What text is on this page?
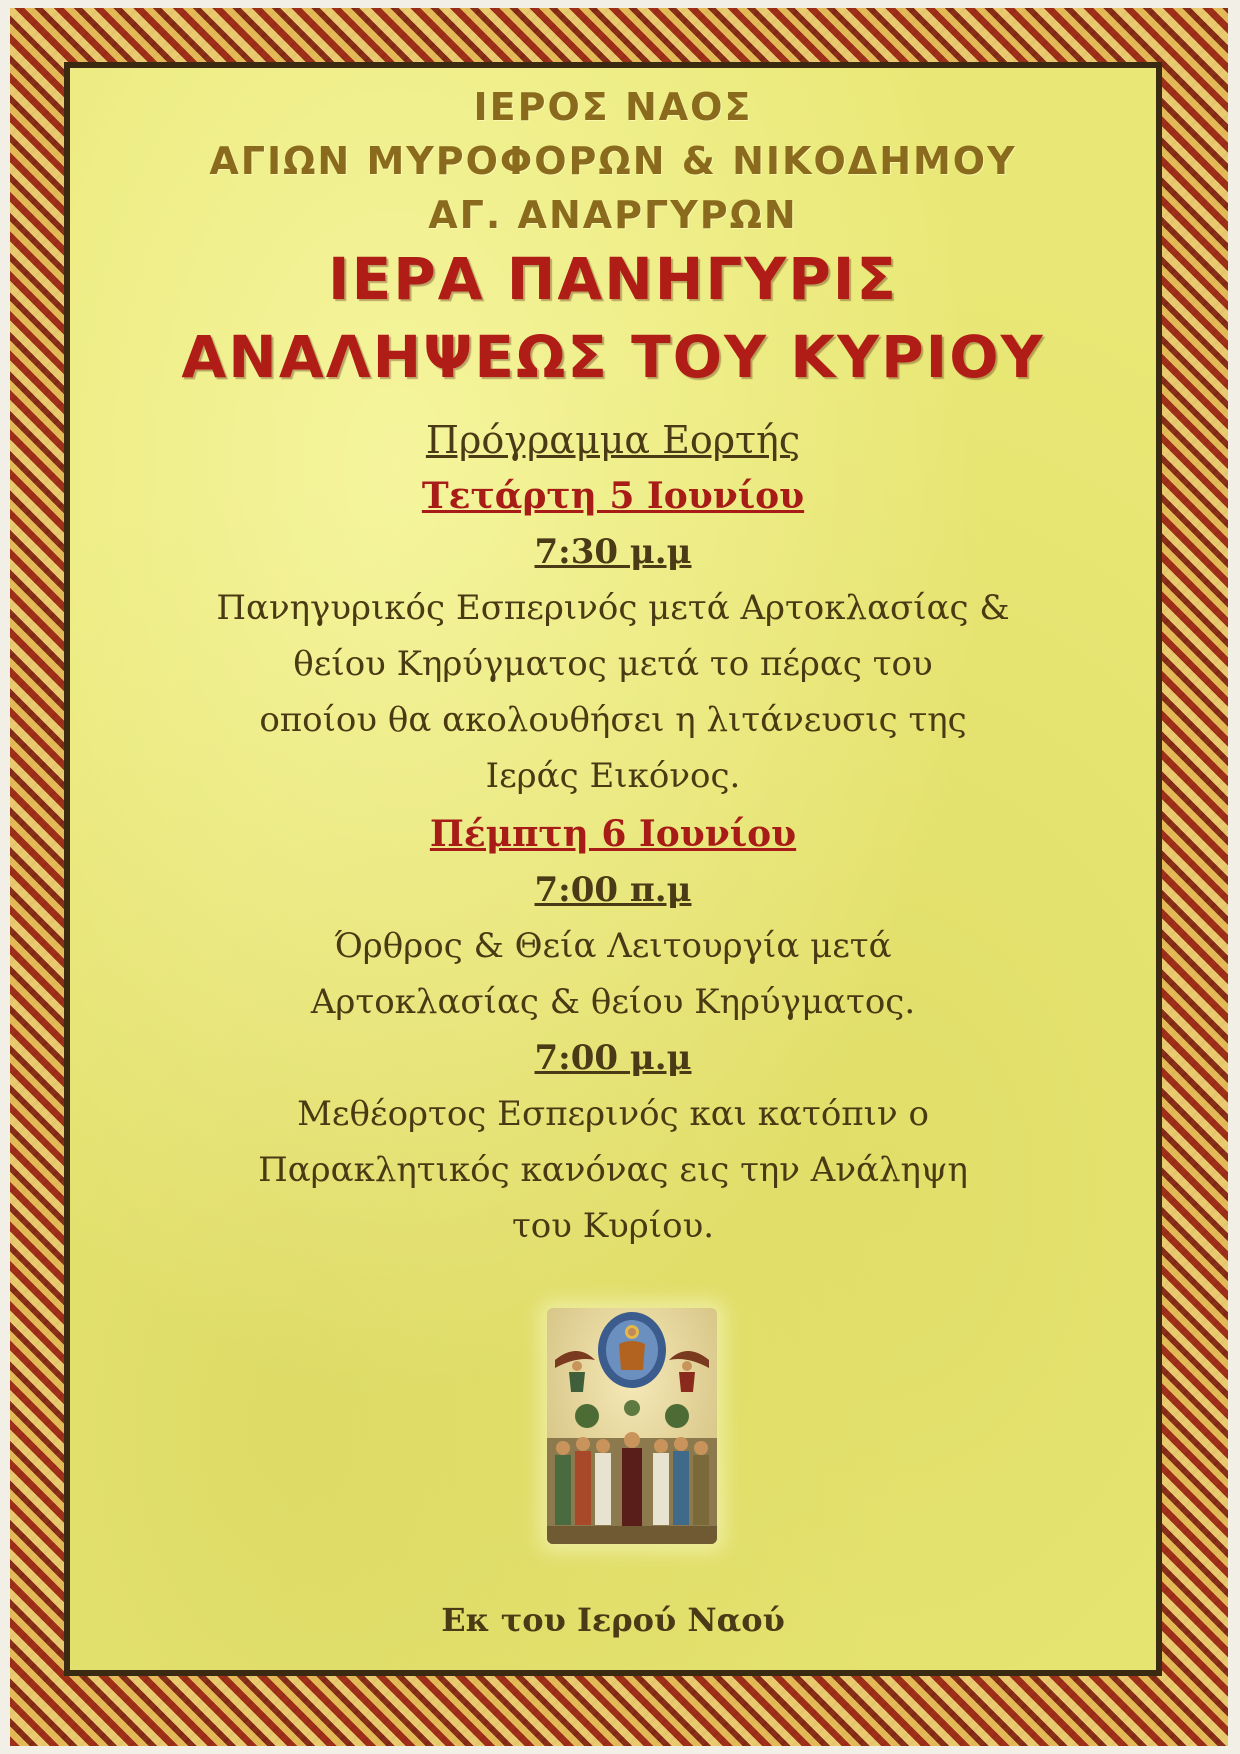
ΙΕΡΟΣ ΝΑΟΣ
ΑΓΙΩΝ ΜΥΡΟΦΟΡΩΝ & ΝΙΚΟΔΗΜΟΥ
ΑΓ. ΑΝΑΡΓΥΡΩΝ
ΙΕΡΑ ΠΑΝΗΓΥΡΙΣ
ΑΝΑΛΗΨΕΩΣ ΤΟΥ ΚΥΡΙΟΥ
Πρόγραμμα Εορτής
Τετάρτη 5 Ιουνίου
7:30 μ.μ
Πανηγυρικός Εσπερινός μετά Αρτοκλασίας &
θείου Κηρύγματος μετά το πέρας του
οποίου θα ακολουθήσει η λιτάνευσις της
Ιεράς Εικόνος.
Πέμπτη 6 Ιουνίου
7:00 π.μ
Όρθρος & Θεία Λειτουργία μετά
Αρτοκλασίας & θείου Κηρύγματος.
7:00 μ.μ
Μεθέορτος Εσπερινός και κατόπιν ο
Παρακλητικός κανόνας εις την Ανάληψη
του Κυρίου.
Εκ του Ιερού Ναού
